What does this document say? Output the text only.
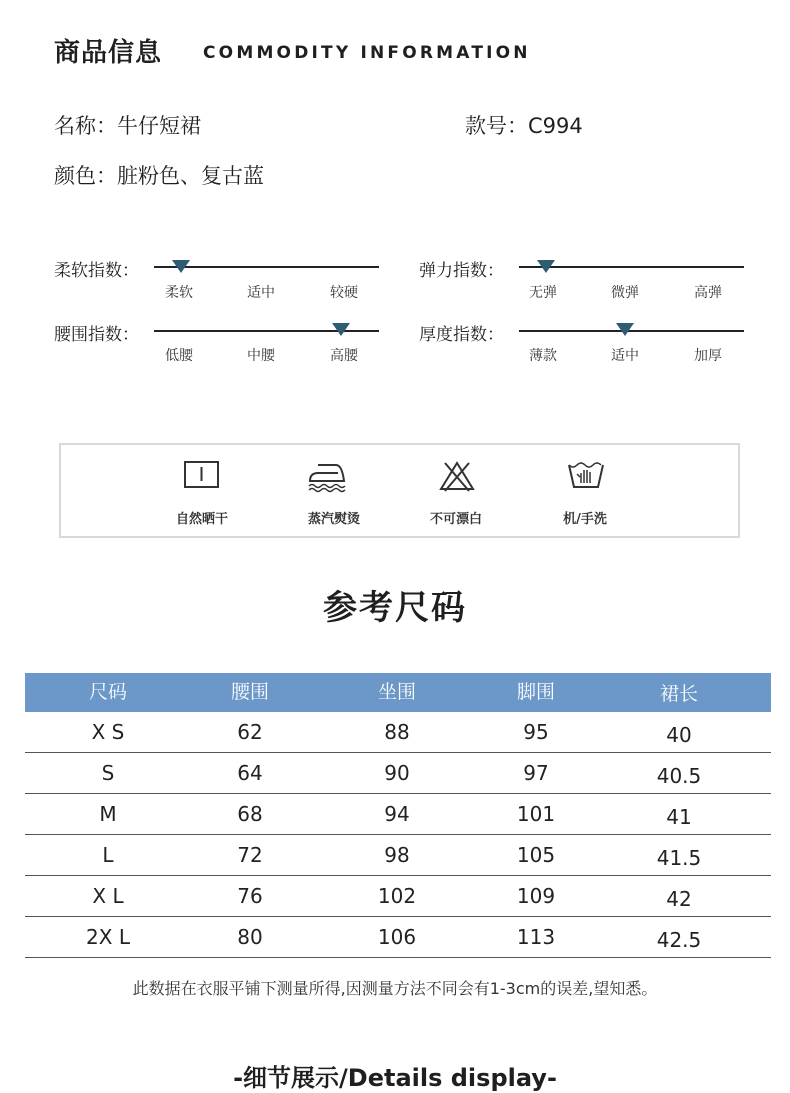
商品信息 COMMODITY INFORMATION
名称：牛仔短裙	款号：C994
颜色：脏粉色、复古蓝
柔软指数：
柔软	适中	较硬
弹力指数：
无弹	微弹	高弹
腰围指数：
低腰	中腰	高腰
厚度指数：
薄款	适中	加厚
自然晒干	蒸汽熨烫	不可漂白	机/手洗
参考尺码
尺码	腰围	坐围	脚围	裙长
X S	62	88	95	40
S	64	90	97	40.5
M	68	94	101	41
L	72	98	105	41.5
X L	76	102	109	42
2X L	80	106	113	42.5
此数据在衣服平铺下测量所得,因测量方法不同会有1-3cm的误差,望知悉。
-细节展示/Details display-
